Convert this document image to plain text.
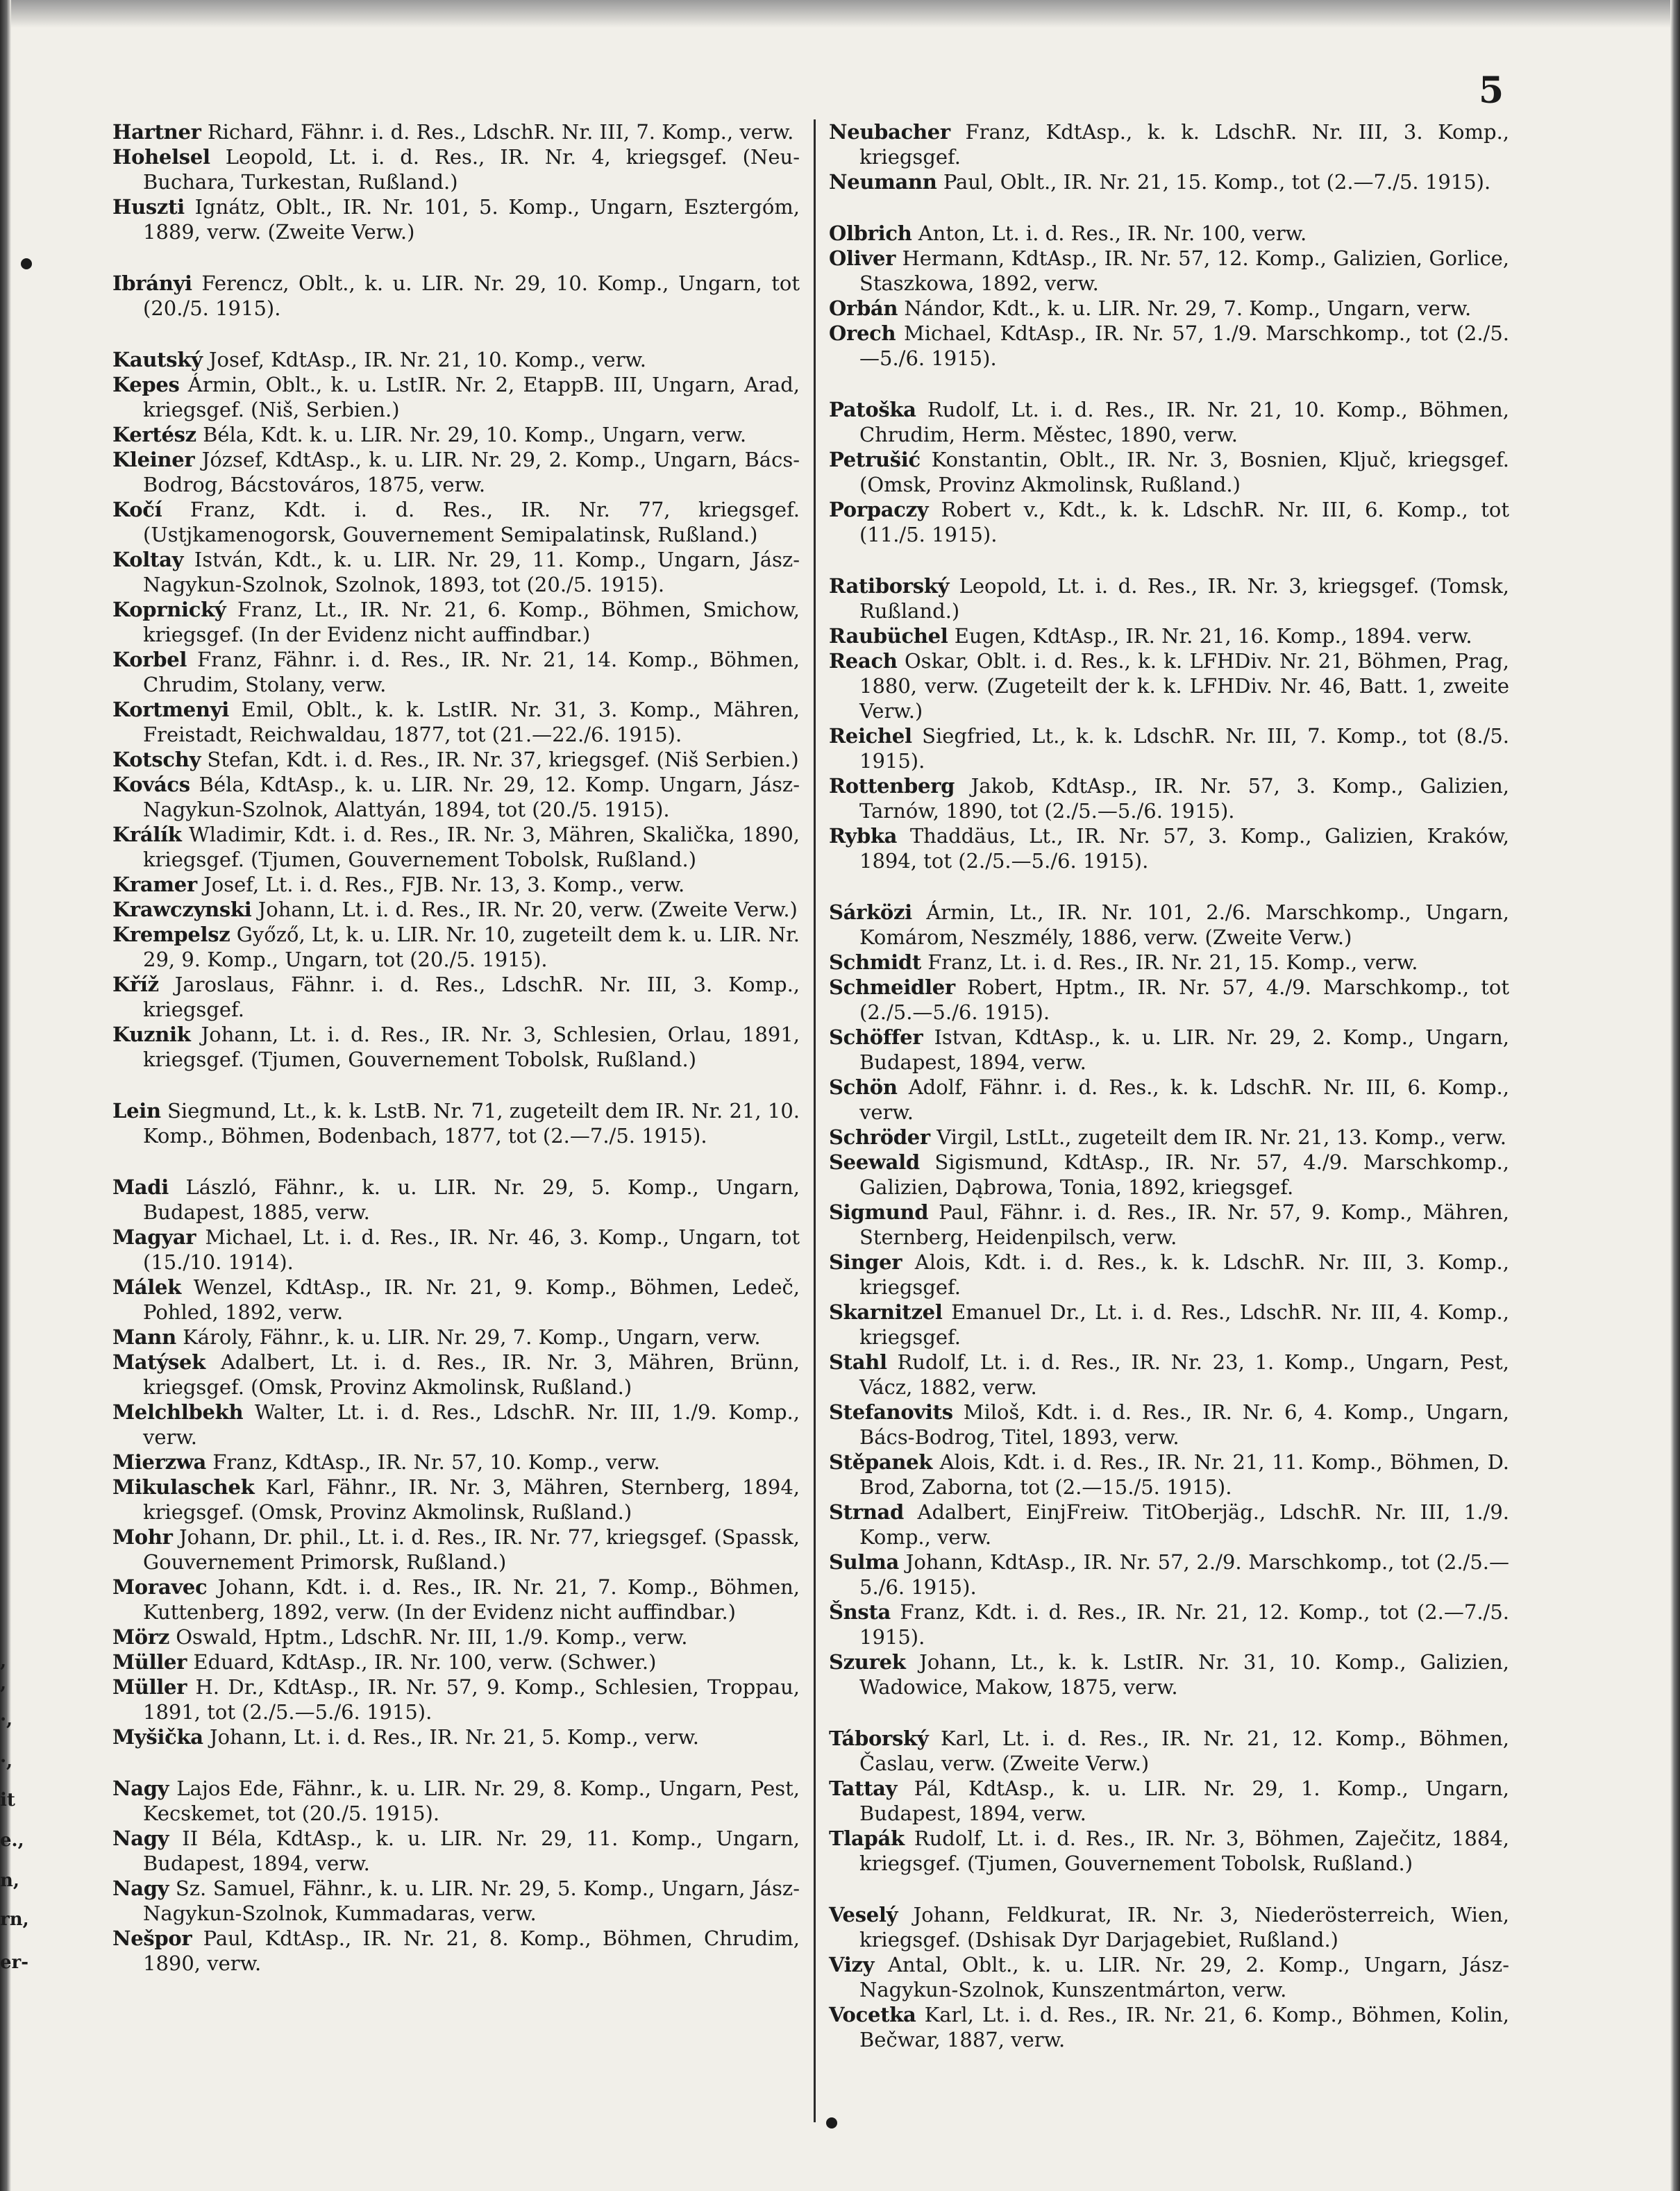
5

Hartner Richard, Fähnr. i. d. Res., LdschR. Nr. III, 7. Komp., verw.

Hohelsel Leopold, Lt. i. d. Res., IR. Nr. 4, kriegsgef. (Neu-Buchara, Turkestan, Rußland.)

Huszti Ignátz, Oblt., IR. Nr. 101, 5. Komp., Ungarn, Esztergóm, 1889, verw. (Zweite Verw.)

Ibrányi Ferencz, Oblt., k. u. LIR. Nr. 29, 10. Komp., Ungarn, tot (20./5. 1915).

Kautský Josef, KdtAsp., IR. Nr. 21, 10. Komp., verw.

Kepes Ármin, Oblt., k. u. LstIR. Nr. 2, EtappB. III, Ungarn, Arad, kriegsgef. (Niš, Serbien.)

Kertész Béla, Kdt. k. u. LIR. Nr. 29, 10. Komp., Ungarn, verw.

Kleiner József, KdtAsp., k. u. LIR. Nr. 29, 2. Komp., Ungarn, Bács-Bodrog, Bácstováros, 1875, verw.

Kočí Franz, Kdt. i. d. Res., IR. Nr. 77, kriegsgef. (Ustjkamenogorsk, Gouvernement Semipalatinsk, Rußland.)

Koltay István, Kdt., k. u. LIR. Nr. 29, 11. Komp., Ungarn, Jász-Nagykun-Szolnok, Szolnok, 1893, tot (20./5. 1915).

Koprnický Franz, Lt., IR. Nr. 21, 6. Komp., Böhmen, Smichow, kriegsgef. (In der Evidenz nicht auffindbar.)

Korbel Franz, Fähnr. i. d. Res., IR. Nr. 21, 14. Komp., Böhmen, Chrudim, Stolany, verw.

Kortmenyi Emil, Oblt., k. k. LstIR. Nr. 31, 3. Komp., Mähren, Freistadt, Reichwaldau, 1877, tot (21.—22./6. 1915).

Kotschy Stefan, Kdt. i. d. Res., IR. Nr. 37, kriegsgef. (Niš Serbien.)

Kovács Béla, KdtAsp., k. u. LIR. Nr. 29, 12. Komp. Ungarn, Jász-Nagykun-Szolnok, Alattyán, 1894, tot (20./5. 1915).

Králík Wladimir, Kdt. i. d. Res., IR. Nr. 3, Mähren, Skalička, 1890, kriegsgef. (Tjumen, Gouvernement Tobolsk, Rußland.)

Kramer Josef, Lt. i. d. Res., FJB. Nr. 13, 3. Komp., verw.

Krawczynski Johann, Lt. i. d. Res., IR. Nr. 20, verw. (Zweite Verw.)

Krempelsz Győző, Lt, k. u. LIR. Nr. 10, zugeteilt dem k. u. LIR. Nr. 29, 9. Komp., Ungarn, tot (20./5. 1915).

Kříž Jaroslaus, Fähnr. i. d. Res., LdschR. Nr. III, 3. Komp., kriegsgef.

Kuznik Johann, Lt. i. d. Res., IR. Nr. 3, Schlesien, Orlau, 1891, kriegsgef. (Tjumen, Gouvernement Tobolsk, Rußland.)

Lein Siegmund, Lt., k. k. LstB. Nr. 71, zugeteilt dem IR. Nr. 21, 10. Komp., Böhmen, Bodenbach, 1877, tot (2.—7./5. 1915).

Madi László, Fähnr., k. u. LIR. Nr. 29, 5. Komp., Ungarn, Budapest, 1885, verw.

Magyar Michael, Lt. i. d. Res., IR. Nr. 46, 3. Komp., Ungarn, tot (15./10. 1914).

Málek Wenzel, KdtAsp., IR. Nr. 21, 9. Komp., Böhmen, Ledeč, Pohled, 1892, verw.

Mann Károly, Fähnr., k. u. LIR. Nr. 29, 7. Komp., Ungarn, verw.

Matýsek Adalbert, Lt. i. d. Res., IR. Nr. 3, Mähren, Brünn, kriegsgef. (Omsk, Provinz Akmolinsk, Rußland.)

Melchlbekh Walter, Lt. i. d. Res., LdschR. Nr. III, 1./9. Komp., verw.

Mierzwa Franz, KdtAsp., IR. Nr. 57, 10. Komp., verw.

Mikulaschek Karl, Fähnr., IR. Nr. 3, Mähren, Sternberg, 1894, kriegsgef. (Omsk, Provinz Akmolinsk, Rußland.)

Mohr Johann, Dr. phil., Lt. i. d. Res., IR. Nr. 77, kriegsgef. (Spassk, Gouvernement Primorsk, Rußland.)

Moravec Johann, Kdt. i. d. Res., IR. Nr. 21, 7. Komp., Böhmen, Kuttenberg, 1892, verw. (In der Evidenz nicht auffindbar.)

Mörz Oswald, Hptm., LdschR. Nr. III, 1./9. Komp., verw.

Müller Eduard, KdtAsp., IR. Nr. 100, verw. (Schwer.)

Müller H. Dr., KdtAsp., IR. Nr. 57, 9. Komp., Schlesien, Troppau, 1891, tot (2./5.—5./6. 1915).

Myšička Johann, Lt. i. d. Res., IR. Nr. 21, 5. Komp., verw.

Nagy Lajos Ede, Fähnr., k. u. LIR. Nr. 29, 8. Komp., Ungarn, Pest, Kecskemet, tot (20./5. 1915).

Nagy II Béla, KdtAsp., k. u. LIR. Nr. 29, 11. Komp., Ungarn, Budapest, 1894, verw.

Nagy Sz. Samuel, Fähnr., k. u. LIR. Nr. 29, 5. Komp., Ungarn, Jász-Nagykun-Szolnok, Kummadaras, verw.

Nešpor Paul, KdtAsp., IR. Nr. 21, 8. Komp., Böhmen, Chrudim, 1890, verw.

Neubacher Franz, KdtAsp., k. k. LdschR. Nr. III, 3. Komp., kriegsgef.

Neumann Paul, Oblt., IR. Nr. 21, 15. Komp., tot (2.—7./5. 1915).

Olbrich Anton, Lt. i. d. Res., IR. Nr. 100, verw.

Oliver Hermann, KdtAsp., IR. Nr. 57, 12. Komp., Galizien, Gorlice, Staszkowa, 1892, verw.

Orbán Nándor, Kdt., k. u. LIR. Nr. 29, 7. Komp., Ungarn, verw.

Orech Michael, KdtAsp., IR. Nr. 57, 1./9. Marschkomp., tot (2./5.—5./6. 1915).

Patoška Rudolf, Lt. i. d. Res., IR. Nr. 21, 10. Komp., Böhmen, Chrudim, Herm. Městec, 1890, verw.

Petrušić Konstantin, Oblt., IR. Nr. 3, Bosnien, Ključ, kriegsgef. (Omsk, Provinz Akmolinsk, Rußland.)

Porpaczy Robert v., Kdt., k. k. LdschR. Nr. III, 6. Komp., tot (11./5. 1915).

Ratiborský Leopold, Lt. i. d. Res., IR. Nr. 3, kriegsgef. (Tomsk, Rußland.)

Raubüchel Eugen, KdtAsp., IR. Nr. 21, 16. Komp., 1894. verw.

Reach Oskar, Oblt. i. d. Res., k. k. LFHDiv. Nr. 21, Böhmen, Prag, 1880, verw. (Zugeteilt der k. k. LFHDiv. Nr. 46, Batt. 1, zweite Verw.)

Reichel Siegfried, Lt., k. k. LdschR. Nr. III, 7. Komp., tot (8./5. 1915).

Rottenberg Jakob, KdtAsp., IR. Nr. 57, 3. Komp., Galizien, Tarnów, 1890, tot (2./5.—5./6. 1915).

Rybka Thaddäus, Lt., IR. Nr. 57, 3. Komp., Galizien, Kraków, 1894, tot (2./5.—5./6. 1915).

Sárközi Ármin, Lt., IR. Nr. 101, 2./6. Marschkomp., Ungarn, Komárom, Neszmély, 1886, verw. (Zweite Verw.)

Schmidt Franz, Lt. i. d. Res., IR. Nr. 21, 15. Komp., verw.

Schmeidler Robert, Hptm., IR. Nr. 57, 4./9. Marschkomp., tot (2./5.—5./6. 1915).

Schöffer Istvan, KdtAsp., k. u. LIR. Nr. 29, 2. Komp., Ungarn, Budapest, 1894, verw.

Schön Adolf, Fähnr. i. d. Res., k. k. LdschR. Nr. III, 6. Komp., verw.

Schröder Virgil, LstLt., zugeteilt dem IR. Nr. 21, 13. Komp., verw.

Seewald Sigismund, KdtAsp., IR. Nr. 57, 4./9. Marschkomp., Galizien, Dąbrowa, Tonia, 1892, kriegsgef.

Sigmund Paul, Fähnr. i. d. Res., IR. Nr. 57, 9. Komp., Mähren, Sternberg, Heidenpilsch, verw.

Singer Alois, Kdt. i. d. Res., k. k. LdschR. Nr. III, 3. Komp., kriegsgef.

Skarnitzel Emanuel Dr., Lt. i. d. Res., LdschR. Nr. III, 4. Komp., kriegsgef.

Stahl Rudolf, Lt. i. d. Res., IR. Nr. 23, 1. Komp., Ungarn, Pest, Vácz, 1882, verw.

Stefanovits Miloš, Kdt. i. d. Res., IR. Nr. 6, 4. Komp., Ungarn, Bács-Bodrog, Titel, 1893, verw.

Stěpanek Alois, Kdt. i. d. Res., IR. Nr. 21, 11. Komp., Böhmen, D. Brod, Zaborna, tot (2.—15./5. 1915).

Strnad Adalbert, EinjFreiw. TitOberjäg., LdschR. Nr. III, 1./9. Komp., verw.

Sulma Johann, KdtAsp., IR. Nr. 57, 2./9. Marschkomp., tot (2./5.—5./6. 1915).

Šnsta Franz, Kdt. i. d. Res., IR. Nr. 21, 12. Komp., tot (2.—7./5. 1915).

Szurek Johann, Lt., k. k. LstIR. Nr. 31, 10. Komp., Galizien, Wadowice, Makow, 1875, verw.

Táborský Karl, Lt. i. d. Res., IR. Nr. 21, 12. Komp., Böhmen, Časlau, verw. (Zweite Verw.)

Tattay Pál, KdtAsp., k. u. LIR. Nr. 29, 1. Komp., Ungarn, Budapest, 1894, verw.

Tlapák Rudolf, Lt. i. d. Res., IR. Nr. 3, Böhmen, Zaječitz, 1884, kriegsgef. (Tjumen, Gouvernement Tobolsk, Rußland.)

Veselý Johann, Feldkurat, IR. Nr. 3, Niederösterreich, Wien, kriegsgef. (Dshisak Dyr Darjagebiet, Rußland.)

Vizy Antal, Oblt., k. u. LIR. Nr. 29, 2. Komp., Ungarn, Jász-Nagykun-Szolnok, Kunszentmárton, verw.

Vocetka Karl, Lt. i. d. Res., IR. Nr. 21, 6. Komp., Böhmen, Kolin, Bečwar, 1887, verw.

,
,
·,
·,
it
e.,
n,
rn,
er-
